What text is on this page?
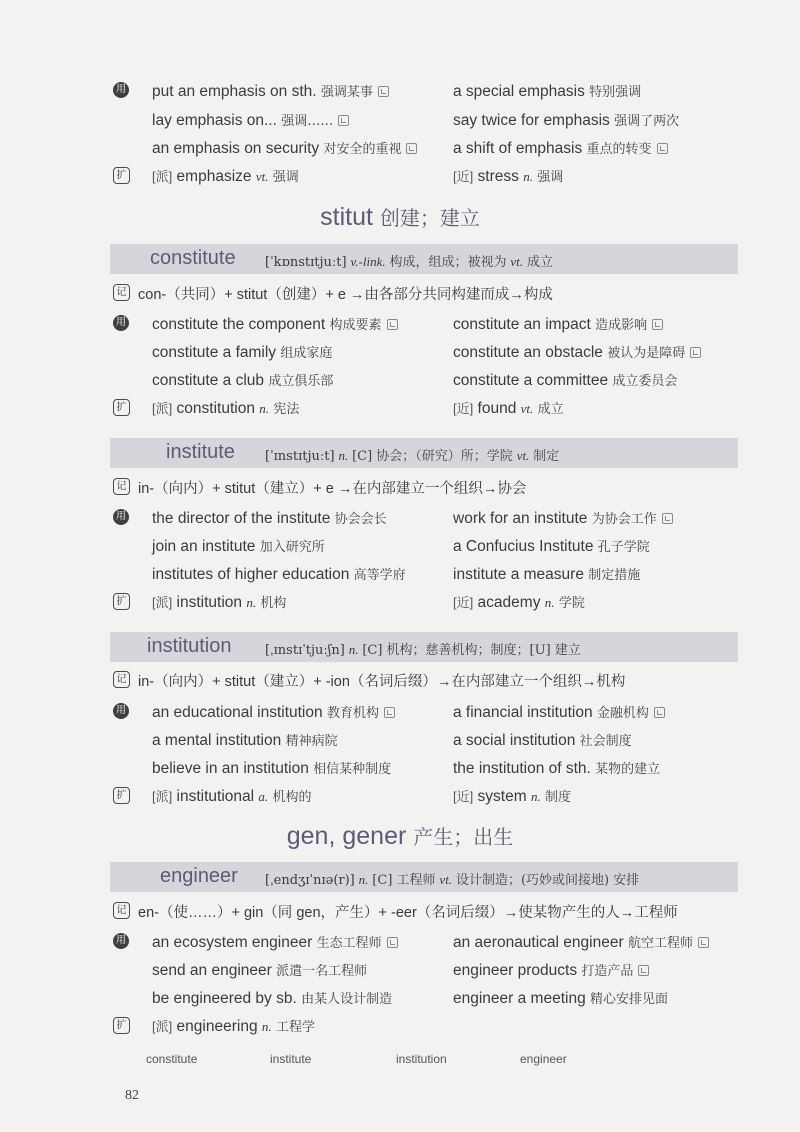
用 put an emphasis on sth. 强调某事	a special emphasis 特别强调
lay emphasis on... 强调……	say twice for emphasis 强调了两次
an emphasis on security 对安全的重视	a shift of emphasis 重点的转变
扩 [派] emphasize vt. 强调	[近] stress n. 强调
stitut 创建；建立
constitute [ˈkɒnstɪtjuːt] v.-link. 构成，组成；被视为 vt. 成立
记 con-（共同）+ stitut（创建）+ e →由各部分共同构建而成→构成
用 constitute the component 构成要素	constitute an impact 造成影响
constitute a family 组成家庭	constitute an obstacle 被认为是障碍
constitute a club 成立俱乐部	constitute a committee 成立委员会
扩 [派] constitution n. 宪法	[近] found vt. 成立
institute [ˈɪnstɪtjuːt] n. [C] 协会；（研究）所；学院 vt. 制定
记 in-（向内）+ stitut（建立）+ e →在内部建立一个组织→协会
用 the director of the institute 协会会长	work for an institute 为协会工作
join an institute 加入研究所	a Confucius Institute 孔子学院
institutes of higher education 高等学府	institute a measure 制定措施
扩 [派] institution n. 机构	[近] academy n. 学院
institution	[ˌɪnstɪˈtjuːʃn] n. [C] 机构；慈善机构；制度；[U] 建立
记 in-（向内）+ stitut（建立）+ -ion（名词后缀）→在内部建立一个组织→机构
用 an educational institution 教育机构	a financial institution 金融机构
a mental institution 精神病院	a social institution 社会制度
believe in an institution 相信某种制度	the institution of sth. 某物的建立
扩 [派] institutional a. 机构的	[近] system n. 制度
gen, gener 产生；出生
engineer [ˌendʒɪˈnɪə(r)] n. [C] 工程师 vt. 设计制造；(巧妙或间接地) 安排
记 en-（使……）+ gin（同 gen，产生）+ -eer（名词后缀）→使某物产生的人→工程师
用 an ecosystem engineer 生态工程师	an aeronautical engineer 航空工程师
send an engineer 派遣一名工程师	engineer products 打造产品
be engineered by sb. 由某人设计制造	engineer a meeting 精心安排见面
扩 [派] engineering n. 工程学
constitute	institute	institution	engineer
82
